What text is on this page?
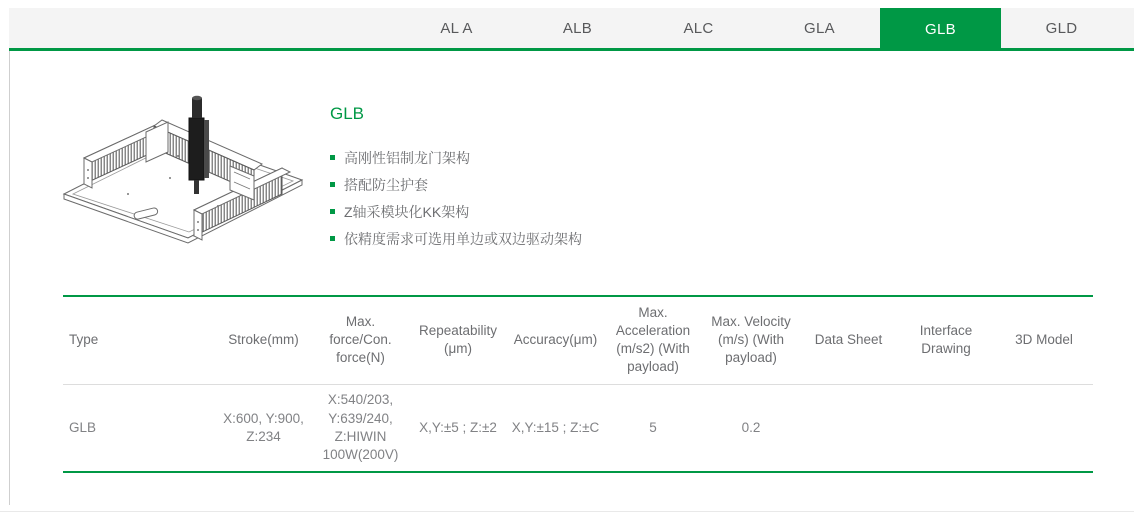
AL A	ALB	ALC	GLA	GLB	GLD
GLB
高刚性铝制龙门架构
搭配防尘护套
Z轴采模块化KK架构
依精度需求可选用单边或双边驱动架构
Type	Stroke(mm)	Max. force/Con. force(N)	Repeatability (μm)	Accuracy(μm)	Max. Acceleration (m/s2) (With payload)	Max. Velocity (m/s) (With payload)	Data Sheet	Interface Drawing	3D Model
GLB	X:600, Y:900, Z:234	X:540/203, Y:639/240, Z:HIWIN 100W(200V)	X,Y:±5 ; Z:±2	X,Y:±15 ; Z:±C	5	0.2			
